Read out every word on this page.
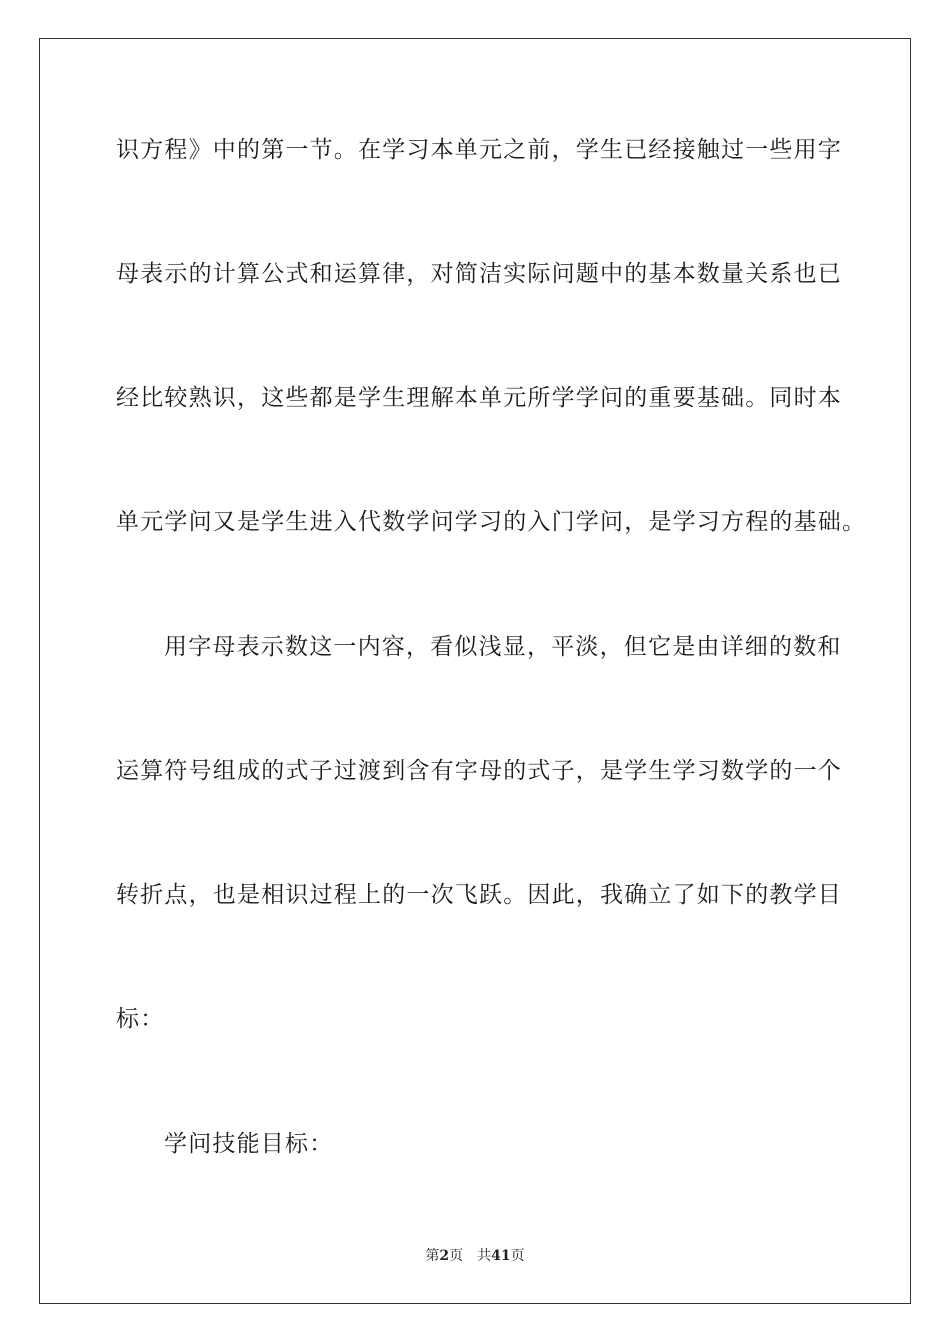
识方程》中的第一节。在学习本单元之前，学生已经接触过一些用字
母表示的计算公式和运算律，对简洁实际问题中的基本数量关系也已
经比较熟识，这些都是学生理解本单元所学学问的重要基础。同时本
单元学问又是学生进入代数学问学习的入门学问，是学习方程的基础。
用字母表示数这一内容，看似浅显，平淡，但它是由详细的数和
运算符号组成的式子过渡到含有字母的式子，是学生学习数学的一个
转折点，也是相识过程上的一次飞跃。因此，我确立了如下的教学目
标：
学问技能目标：
第2页 共41页
